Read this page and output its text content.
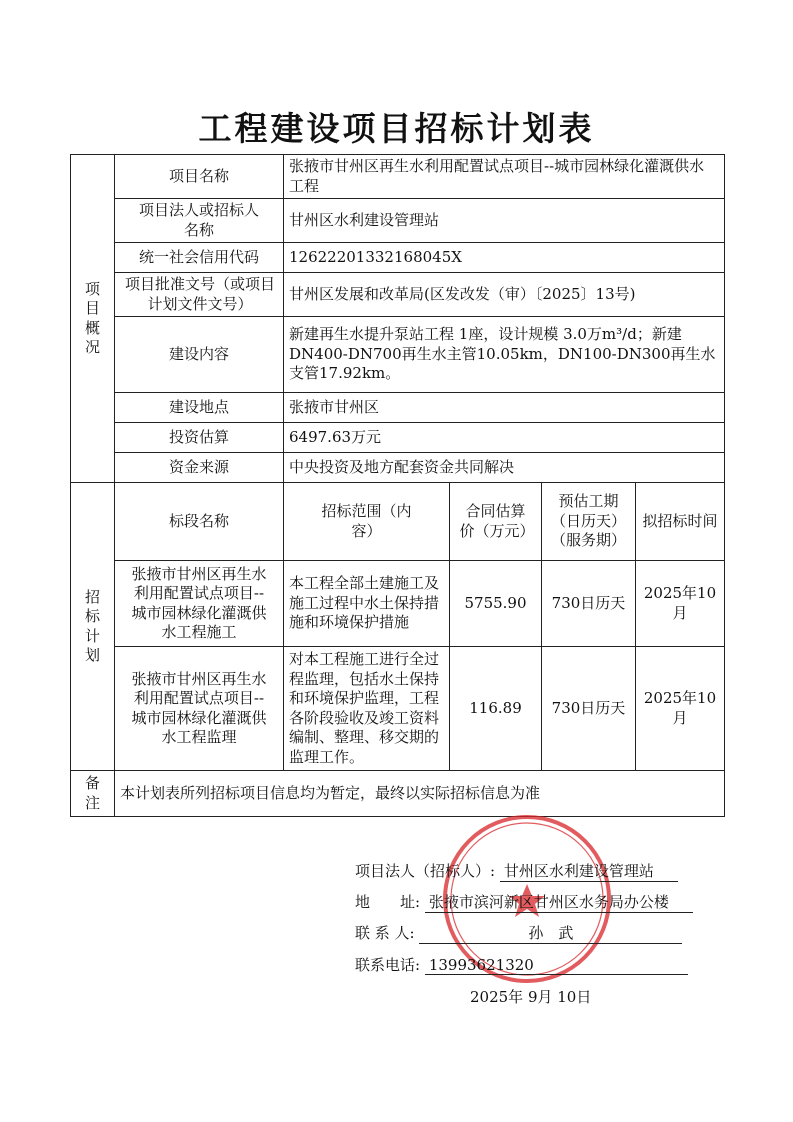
工程建设项目招标计划表
项
目
概
况	项目名称	张掖市甘州区再生水利用配置试点项目--城市园林绿化灌溉供水工程			
	项目法人或招标人名称	甘州区水利建设管理站			
	统一社会信用代码	12622201332168045X			
	项目批准文号（或项目计划文件文号）	甘州区发展和改革局(区发改发（审）〔2025〕13号)			
	建设内容	新建再生水提升泵站工程 1座，设计规模 3.0万m³/d；新建DN400-DN700再生水主管10.05km，DN100-DN300再生水支管17.92km。			
	建设地点	张掖市甘州区			
	投资估算	6497.63万元			
	资金来源	中央投资及地方配套资金共同解决			
招
标
计
划	标段名称	招标范围（内容）	合同估算价（万元）	预估工期（日历天）（服务期）	拟招标时间
	张掖市甘州区再生水利用配置试点项目--城市园林绿化灌溉供水工程施工	本工程全部土建施工及施工过程中水土保持措施和环境保护措施	5755.90	730日历天	2025年10月
	张掖市甘州区再生水利用配置试点项目--城市园林绿化灌溉供水工程监理	对本工程施工进行全过程监理，包括水土保持和环境保护监理，工程各阶段验收及竣工资料编制、整理、移交期的监理工作。	116.89	730日历天	2025年10月
备
注	本计划表所列招标项目信息均为暂定，最终以实际招标信息为准				
项目法人（招标人）: 甘州区水利建设管理站
地　　址: 张掖市滨河新区甘州区水务局办公楼
联 系 人:	孙　武
联系电话: 13993621320
2025年 9月 10日
